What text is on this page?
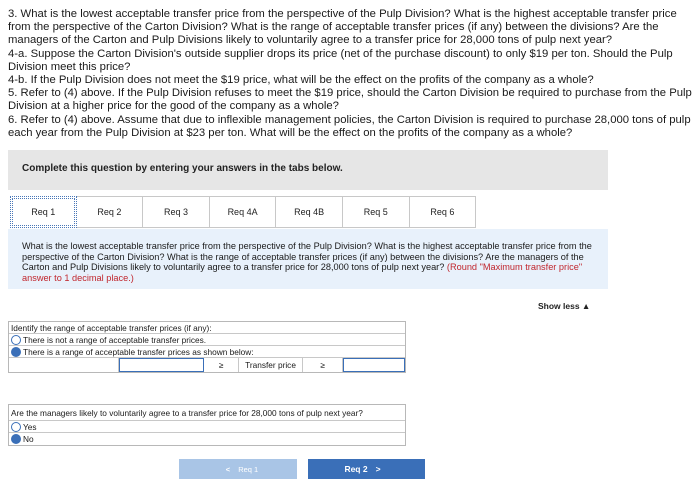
3. What is the lowest acceptable transfer price from the perspective of the Pulp Division? What is the highest acceptable transfer price from the perspective of the Carton Division? What is the range of acceptable transfer prices (if any) between the divisions? Are the managers of the Carton and Pulp Divisions likely to voluntarily agree to a transfer price for 28,000 tons of pulp next year?

4-a. Suppose the Carton Division's outside supplier drops its price (net of the purchase discount) to only $19 per ton. Should the Pulp Division meet this price?

4-b. If the Pulp Division does not meet the $19 price, what will be the effect on the profits of the company as a whole?

5. Refer to (4) above. If the Pulp Division refuses to meet the $19 price, should the Carton Division be required to purchase from the Pulp Division at a higher price for the good of the company as a whole?

6. Refer to (4) above. Assume that due to inflexible management policies, the Carton Division is required to purchase 28,000 tons of pulp each year from the Pulp Division at $23 per ton. What will be the effect on the profits of the company as a whole?

Complete this question by entering your answers in the tabs below.
Req 1	Req 2	Req 3	Req 4A	Req 4B	Req 5	Req 6
What is the lowest acceptable transfer price from the perspective of the Pulp Division? What is the highest acceptable transfer price from the perspective of the Carton Division? What is the range of acceptable transfer prices (if any) between the divisions? Are the managers of the Carton and Pulp Divisions likely to voluntarily agree to a transfer price for 28,000 tons of pulp next year? (Round "Maximum transfer price" answer to 1 decimal place.)
Show less ▲
Identify the range of acceptable transfer prices (if any):
There is not a range of acceptable transfer prices.
There is a range of acceptable transfer prices as shown below:
≥	Transfer price	≥
Are the managers likely to voluntarily agree to a transfer price for 28,000 tons of pulp next year?
Yes
No
< Req 1	Req 2 >
